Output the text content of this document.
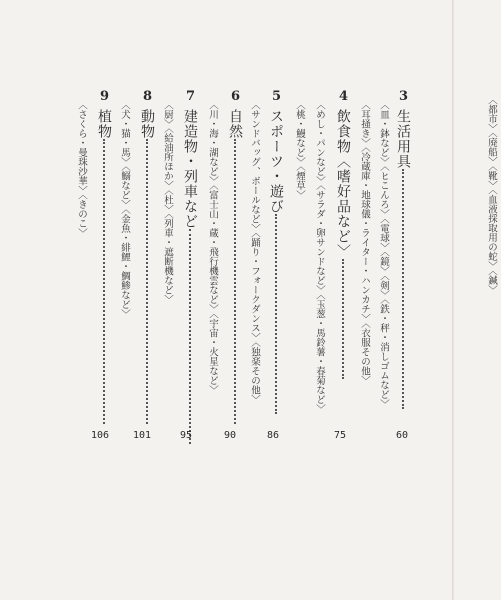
〈都市〉〈廃船〉〈靴〉〈血液採取用の蛇〉〈鍼〉
3生活用具
60
〈皿・鉢など〉〈ヒこんろ〉〈電球〉〈鏡〉〈剣〉〈鉄・秤・消しゴムなど〉
〈耳掻き〉〈冷蔵庫・地球儀・ライター・ハンカチ〉〈衣服その他〉
4飲食物〈嗜好品など〉
75
〈めし・パンなど〉〈サラダ・卵サンドなど〉〈玉葱・馬鈴薯・春菊など〉
〈桃・鰻など〉〈煙草〉
5スポーツ・遊び
86
〈サンドバッグ、ボールなど〉〈踊り・フォークダンス〉〈独楽その他〉
6自然
90
〈川・海・湖など〉〈富士山・蔵・飛行機雲など〉〈宇宙・火星など〉
7建造物・列車など
95
〈厨〉〈給油所ほか〉〈杜〉〈列車・遮断機など〉
8動物
101
〈犬・猫・馬〉〈鰯など〉〈金魚・緋鯉・鯛鯵など〉
9植物
106
〈さくら・曼珠沙華〉〈きのこ〉
